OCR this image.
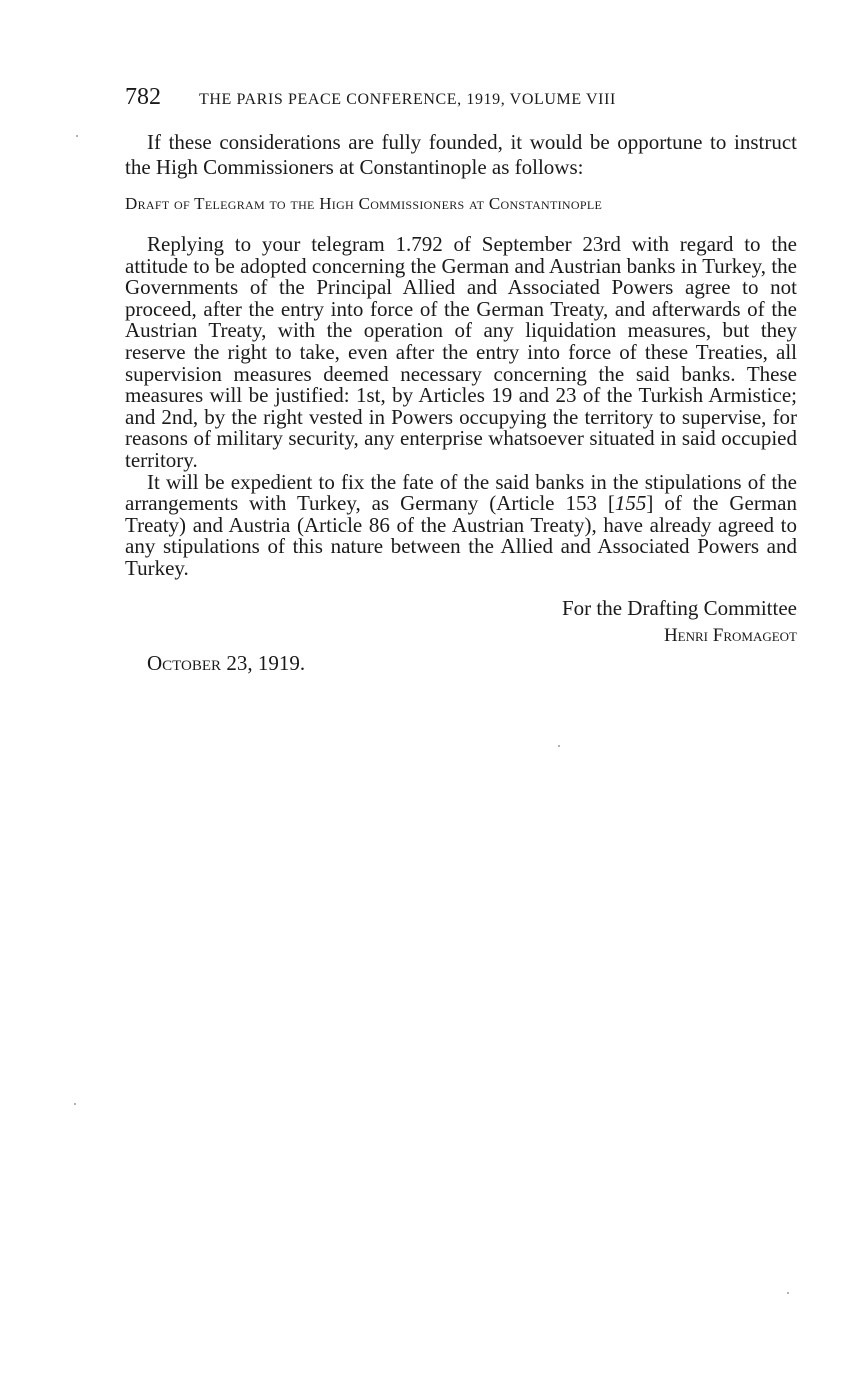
782 THE PARIS PEACE CONFERENCE, 1919, VOLUME VIII

If these considerations are fully founded, it would be opportune to instruct the High Commissioners at Constantinople as follows:

Draft of Telegram to the High Commissioners at Constantinople

Replying to your telegram 1.792 of September 23rd with regard to the attitude to be adopted concerning the German and Austrian banks in Turkey, the Governments of the Principal Allied and Associated Powers agree to not proceed, after the entry into force of the German Treaty, and afterwards of the Austrian Treaty, with the operation of any liquidation measures, but they reserve the right to take, even after the entry into force of these Treaties, all supervision measures deemed necessary concerning the said banks. These measures will be justified: 1st, by Articles 19 and 23 of the Turkish Armistice; and 2nd, by the right vested in Powers occupying the territory to supervise, for reasons of military security, any enterprise whatsoever situated in said occupied territory.

It will be expedient to fix the fate of the said banks in the stipulations of the arrangements with Turkey, as Germany (Article 153 [155] of the German Treaty) and Austria (Article 86 of the Austrian Treaty), have already agreed to any stipulations of this nature between the Allied and Associated Powers and Turkey.

For the Drafting Committee
Henri Fromageot
October 23, 1919.
